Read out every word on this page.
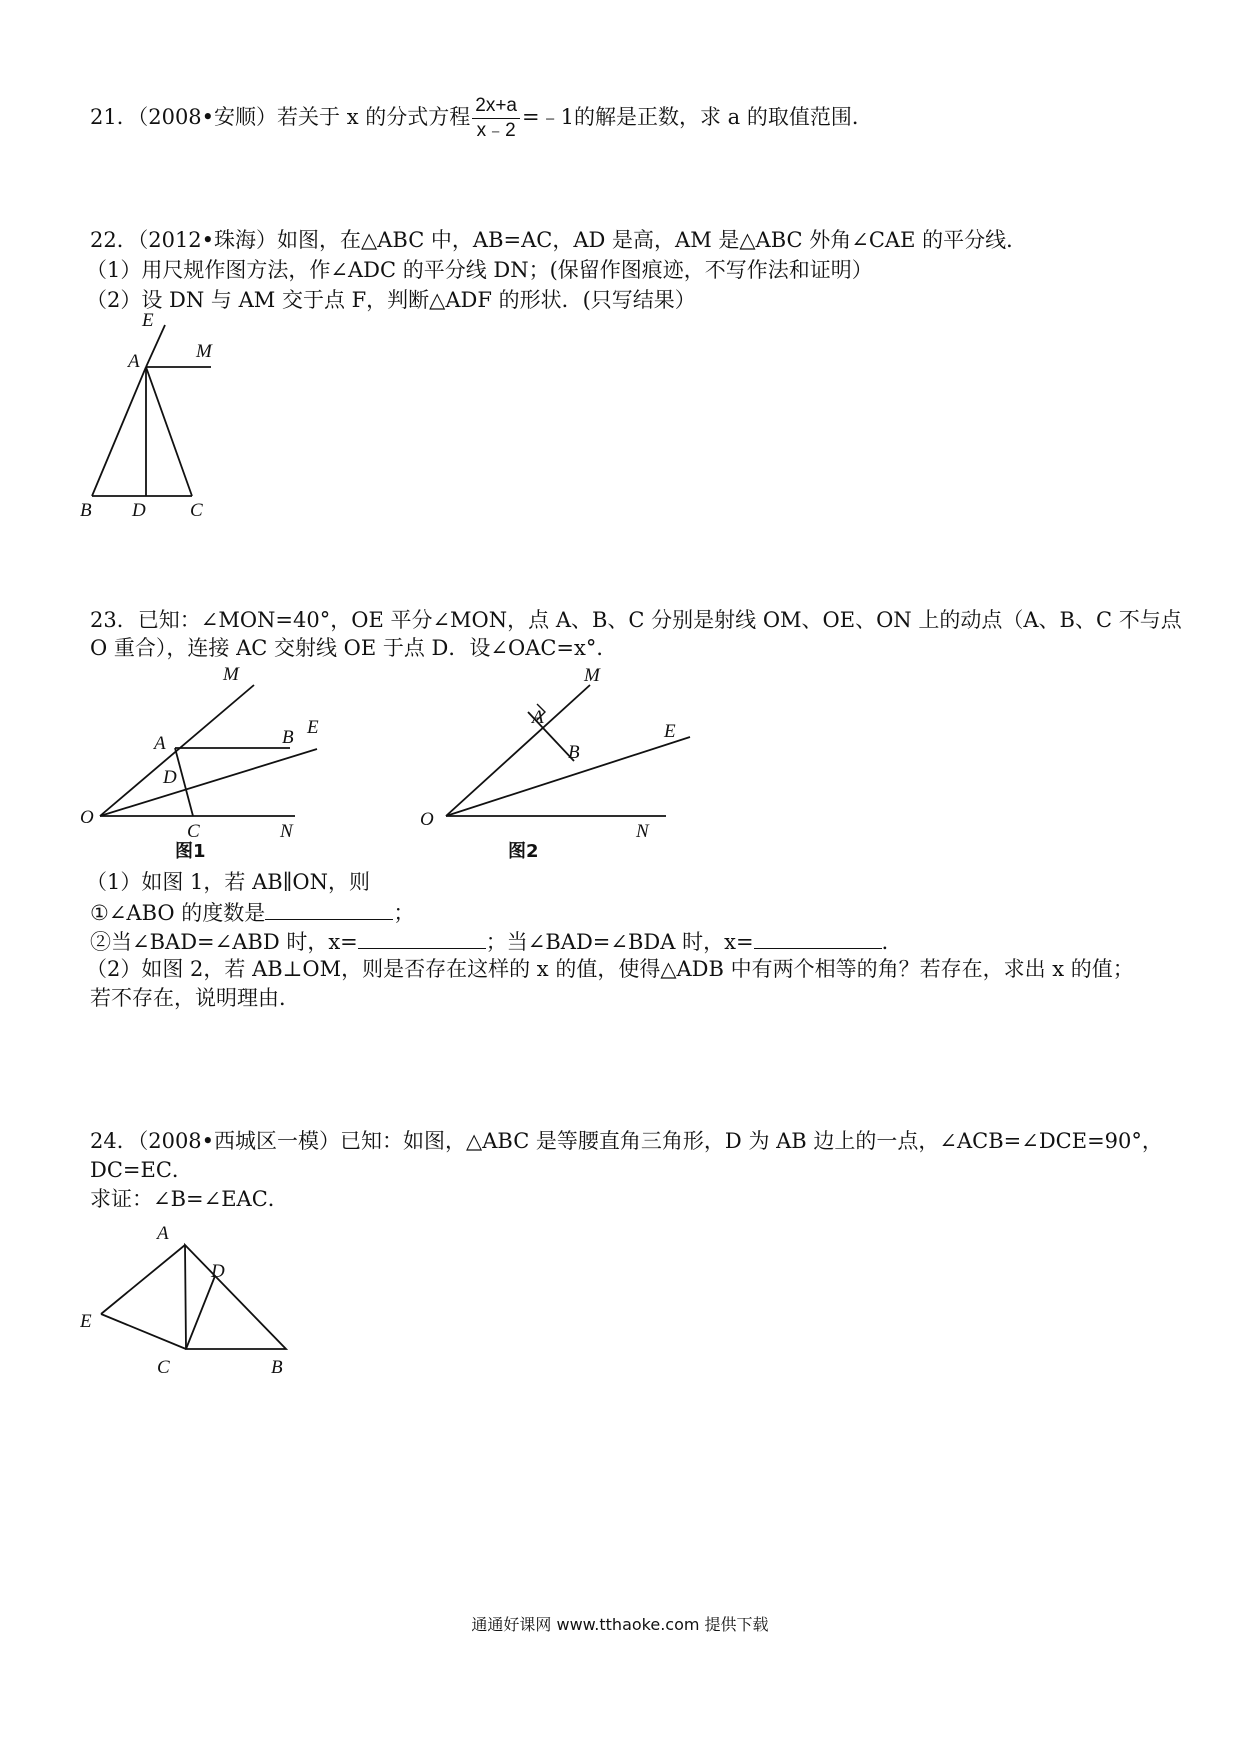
21．（2008•安顺）若关于 x 的分式方程 $\frac{2x+a}{x﹣2}$ =﹣1的解是正数，求 a 的取值范围．
22．（2012•珠海）如图，在△ABC 中，AB=AC，AD 是高，AM 是△ABC 外角∠CAE 的平分线．
（1）用尺规作图方法，作∠ADC 的平分线 DN；(保留作图痕迹，不写作法和证明）
（2）设 DN 与 AM 交于点 F，判断△ADF 的形状．(只写结果）
E
M
A
B D C
23．已知：∠MON=40°，OE 平分∠MON，点 A、B、C 分别是射线 OM、OE、ON 上的动点（A、B、C 不与点
O 重合），连接 AC 交射线 OE 于点 D．设∠OAC=x°．
M
A	B E
D
O
C	N
图1
M
A
B
E
O
N
图2
（1）如图 1，若 AB∥ON，则
①∠ABO 的度数是	；
②当∠BAD=∠ABD 时，x=	；当∠BAD=∠BDA 时，x=	．
（2）如图 2，若 AB⊥OM，则是否存在这样的 x 的值，使得△ADB 中有两个相等的角？若存在，求出 x 的值；
若不存在，说明理由．
24．（2008•西城区一模）已知：如图，△ABC 是等腰直角三角形，D 为 AB 边上的一点，∠ACB=∠DCE=90°，
DC=EC．
求证：∠B=∠EAC．
A
D
E
C	B
通通好课网 www.tthaoke.com 提供下载
